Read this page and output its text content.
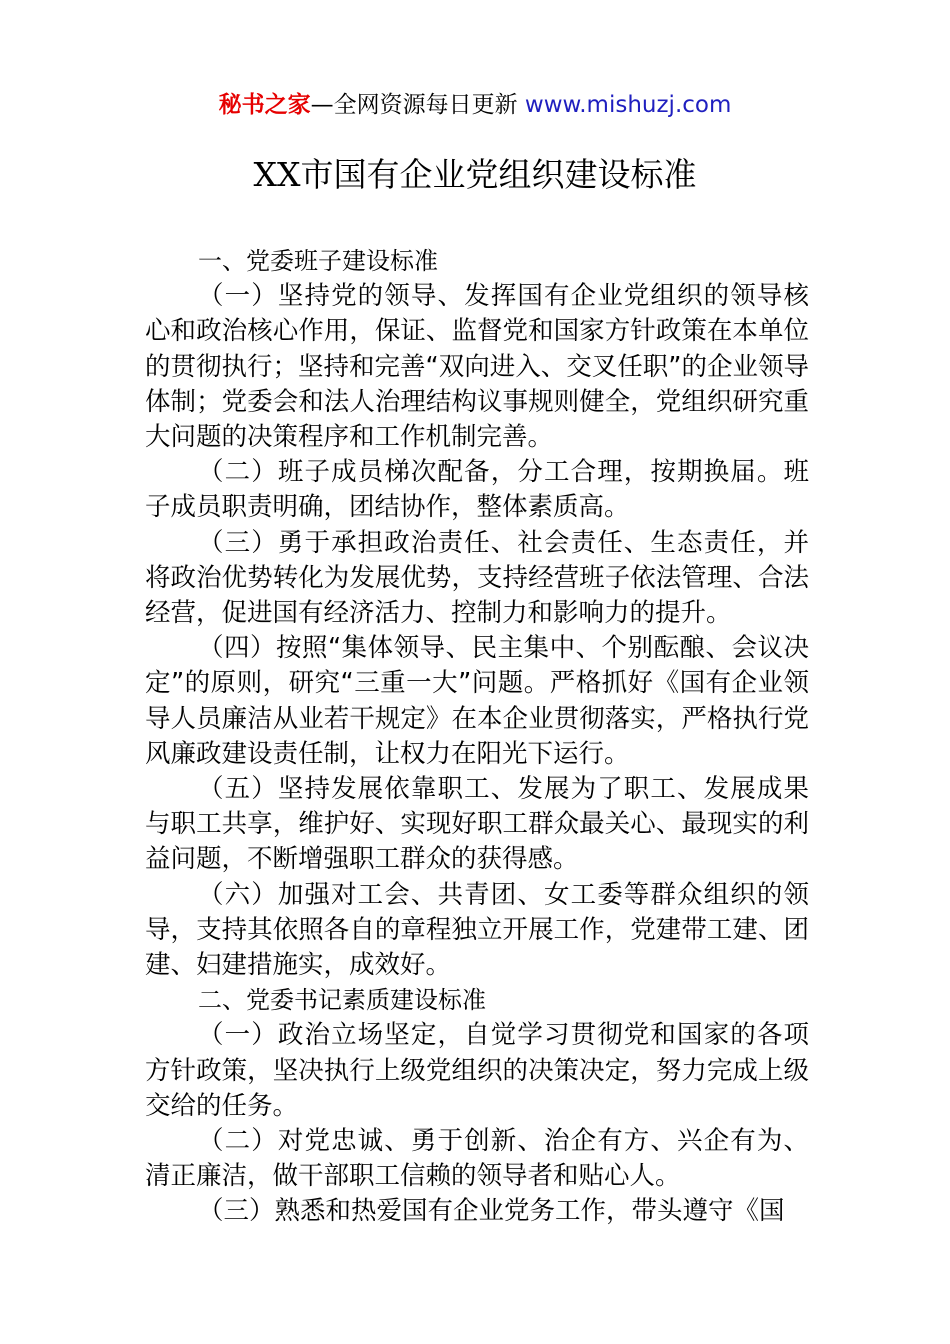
秘书之家—全网资源每日更新 www.mishuzj.com
XX市国有企业党组织建设标准

一、党委班子建设标准

（一）坚持党的领导、发挥国有企业党组织的领导核心和政治核心作用，保证、监督党和国家方针政策在本单位的贯彻执行；坚持和完善“双向进入、交叉任职”的企业领导体制；党委会和法人治理结构议事规则健全，党组织研究重大问题的决策程序和工作机制完善。

（二）班子成员梯次配备，分工合理，按期换届。班子成员职责明确，团结协作，整体素质高。

（三）勇于承担政治责任、社会责任、生态责任，并将政治优势转化为发展优势，支持经营班子依法管理、合法经营，促进国有经济活力、控制力和影响力的提升。

（四）按照“集体领导、民主集中、个别酝酿、会议决定”的原则，研究“三重一大”问题。严格抓好《国有企业领导人员廉洁从业若干规定》在本企业贯彻落实，严格执行党风廉政建设责任制，让权力在阳光下运行。

（五）坚持发展依靠职工、发展为了职工、发展成果与职工共享，维护好、实现好职工群众最关心、最现实的利益问题，不断增强职工群众的获得感。

（六）加强对工会、共青团、女工委等群众组织的领导，支持其依照各自的章程独立开展工作，党建带工建、团建、妇建措施实，成效好。

二、党委书记素质建设标准

（一）政治立场坚定，自觉学习贯彻党和国家的各项方针政策，坚决执行上级党组织的决策决定，努力完成上级交给的任务。

（二）对党忠诚、勇于创新、治企有方、兴企有为、清正廉洁，做干部职工信赖的领导者和贴心人。

（三）熟悉和热爱国有企业党务工作，带头遵守《国
